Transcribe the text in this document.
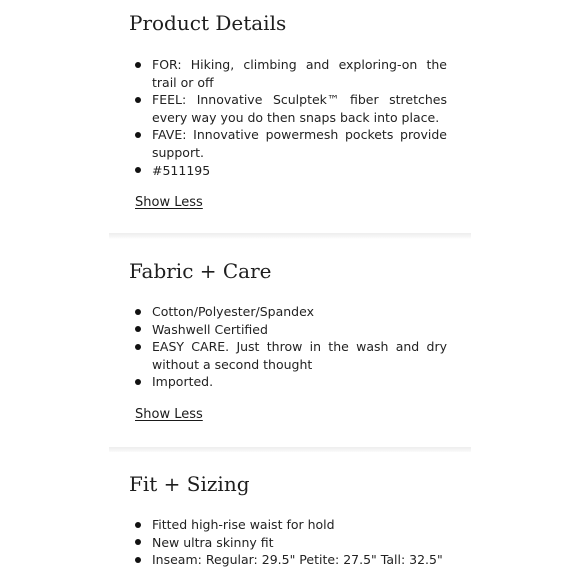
Product Details
FOR: Hiking, climbing and exploring-on the trail or off
FEEL: Innovative Sculptek™ fiber stretches every way you do then snaps back into place.
FAVE: Innovative powermesh pockets provide support.
#511195
Show Less
Fabric + Care
Cotton/Polyester/Spandex
Washwell Certified
EASY CARE. Just throw in the wash and dry without a second thought
Imported.
Show Less
Fit + Sizing
Fitted high-rise waist for hold
New ultra skinny fit
Inseam: Regular: 29.5" Petite: 27.5" Tall: 32.5"
